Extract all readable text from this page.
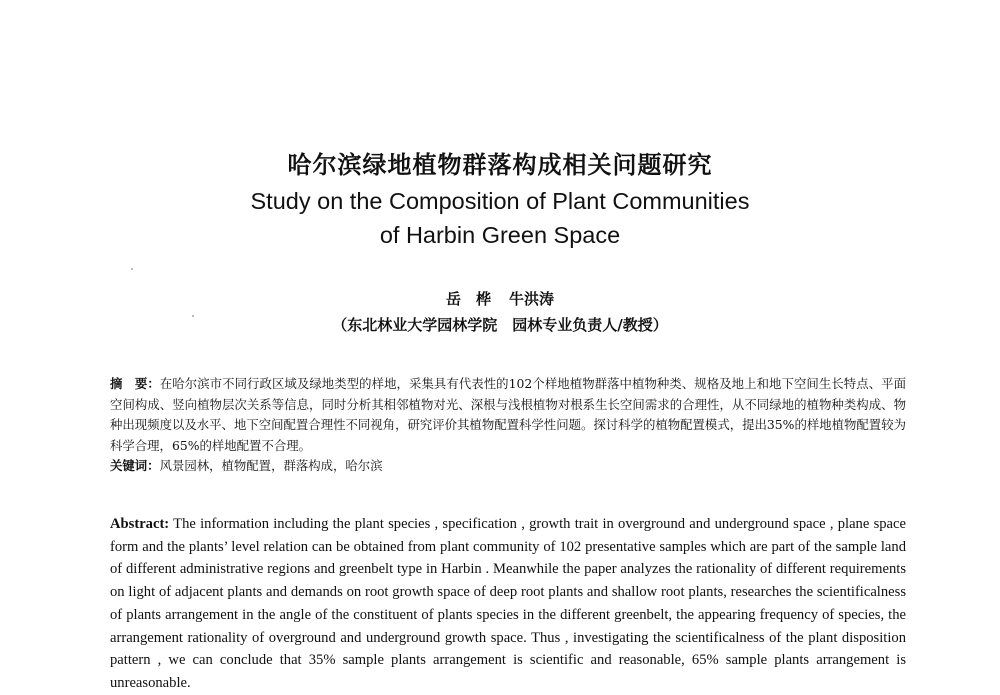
哈尔滨绿地植物群落构成相关问题研究
Study on the Composition of Plant Communities
of Harbin Green Space
岳　桦 牛洪涛
（东北林业大学园林学院　园林专业负责人/教授）
摘　要：在哈尔滨市不同行政区域及绿地类型的样地，采集具有代表性的102个样地植物群落中植物种类、规格及地上和地下空间生长特点、平面空间构成、竖向植物层次关系等信息，同时分析其相邻植物对光、深根与浅根植物对根系生长空间需求的合理性，从不同绿地的植物种类构成、物种出现频度以及水平、地下空间配置合理性不同视角，研究评价其植物配置科学性问题。探讨科学的植物配置模式，提出35%的样地植物配置较为科学合理，65%的样地配置不合理。
关键词：风景园林，植物配置，群落构成，哈尔滨
Abstract: The information including the plant species , specification , growth trait in overground and underground space , plane space form and the plants’ level relation can be obtained from plant community of 102 presentative samples which are part of the sample land of different administrative regions and greenbelt type in Harbin . Meanwhile the paper analyzes the rationality of different requirements on light of adjacent plants and demands on root growth space of deep root plants and shallow root plants, researches the scientificalness of plants arrangement in the angle of the constituent of plants species in the different greenbelt, the appearing frequency of species, the arrangement rationality of overground and underground growth space. Thus , investigating the scientificalness of the plant disposition pattern , we can conclude that 35% sample plants arrangement is scientific and reasonable, 65% sample plants arrangement is unreasonable.
